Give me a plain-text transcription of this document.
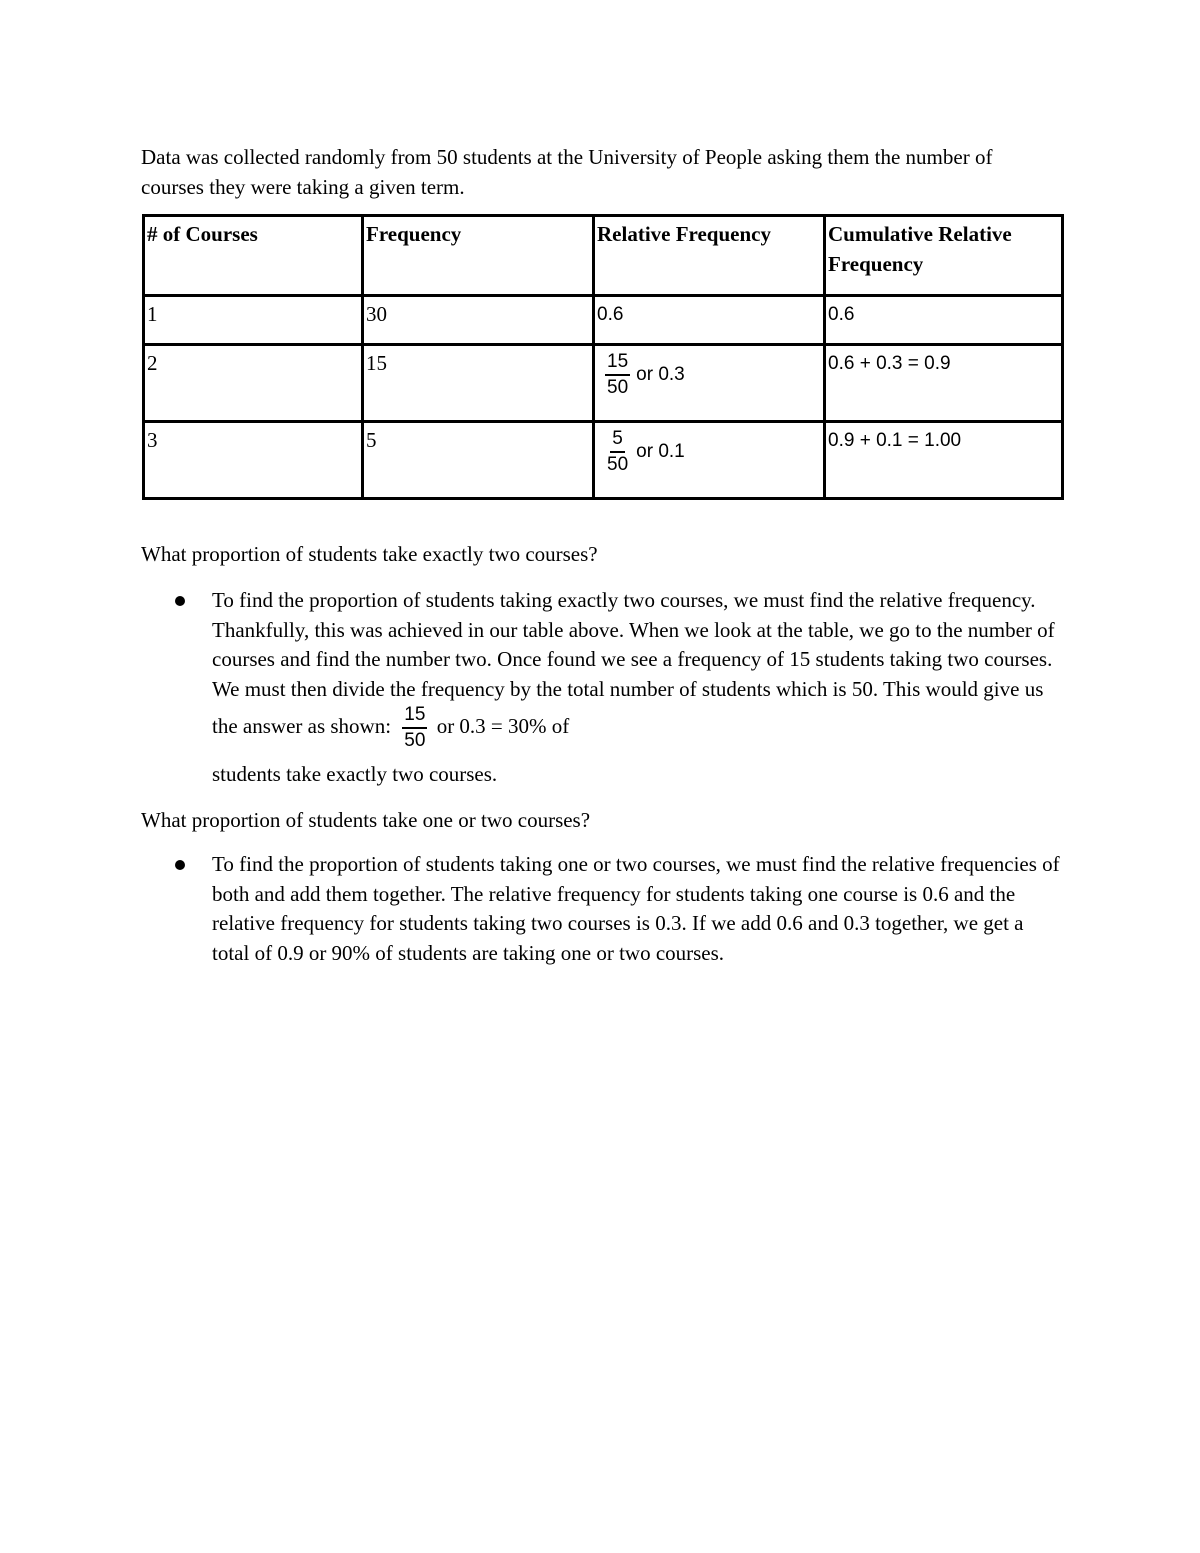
Data was collected randomly from 50 students at the University of People asking them the number of courses they were taking a given term.

# of Courses	Frequency	Relative Frequency	Cumulative Relative Frequency
1	30	0.6	0.6
2	15	$\frac{15}{50}$ or 0.3	0.6 + 0.3 = 0.9
3	5	$\frac{5}{50}$ or 0.1	0.9 + 0.1 = 1.00

What proportion of students take exactly two courses?

To find the proportion of students taking exactly two courses, we must find the relative frequency. Thankfully, this was achieved in our table above. When we look at the table, we go to the number of courses and find the number two. Once found we see a frequency of 15 students taking two courses. We must then divide the frequency by the total number of students which is 50. This would give us the answer as shown: $\frac{15}{50}$ or 0.3 = 30% of
students take exactly two courses.

What proportion of students take one or two courses?

To find the proportion of students taking one or two courses, we must find the relative frequencies of both and add them together. The relative frequency for students taking one course is 0.6 and the relative frequency for students taking two courses is 0.3. If we add 0.6 and 0.3 together, we get a total of 0.9 or 90% of students are taking one or two courses.
